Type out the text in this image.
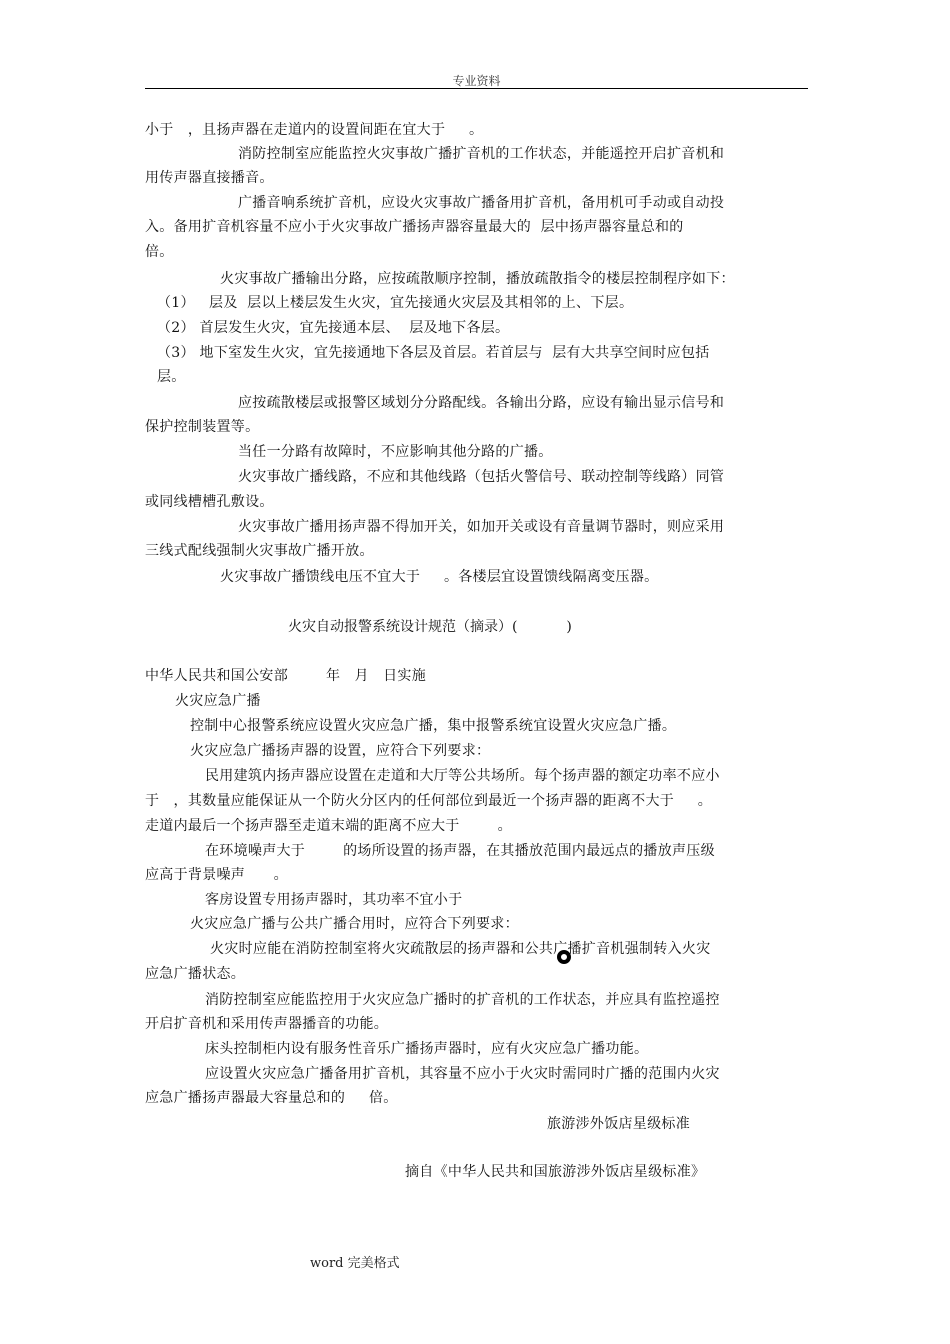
专业资料
小于   ，且扬声器在走道内的设置间距在宜大于     。
消防控制室应能监控火灾事故广播扩音机的工作状态，并能遥控开启扩音机和
用传声器直接播音。
广播音响系统扩音机，应设火灾事故广播备用扩音机，备用机可手动或自动投
入。备用扩音机容量不应小于火灾事故广播扬声器容量最大的  层中扬声器容量总和的
倍。
火灾事故广播输出分路，应按疏散顺序控制，播放疏散指令的楼层控制程序如下：
（1）   层及  层以上楼层发生火灾，宜先接通火灾层及其相邻的上、下层。
（2） 首层发生火灾，宜先接通本层、  层及地下各层。
（3） 地下室发生火灾，宜先接通地下各层及首层。若首层与  层有大共享空间时应包括
层。
应按疏散楼层或报警区域划分分路配线。各输出分路，应设有输出显示信号和
保护控制装置等。
当任一分路有故障时，不应影响其他分路的广播。
火灾事故广播线路，不应和其他线路（包括火警信号、联动控制等线路）同管
或同线槽槽孔敷设。
火灾事故广播用扬声器不得加开关，如加开关或设有音量调节器时，则应采用
三线式配线强制火灾事故广播开放。
火灾事故广播馈线电压不宜大于     。各楼层宜设置馈线隔离变压器。
火灾自动报警系统设计规范（摘录）(           )
中华人民共和国公安部        年   月   日实施
火灾应急广播
控制中心报警系统应设置火灾应急广播，集中报警系统宜设置火灾应急广播。
火灾应急广播扬声器的设置，应符合下列要求：
民用建筑内扬声器应设置在走道和大厅等公共场所。每个扬声器的额定功率不应小
于   ，其数量应能保证从一个防火分区内的任何部位到最近一个扬声器的距离不大于     。
走道内最后一个扬声器至走道末端的距离不应大于        。
在环境噪声大于        的场所设置的扬声器，在其播放范围内最远点的播放声压级
应高于背景噪声      。
客房设置专用扬声器时，其功率不宜小于
火灾应急广播与公共广播合用时，应符合下列要求：
火灾时应能在消防控制室将火灾疏散层的扬声器和公共广播扩音机强制转入火灾
应急广播状态。
消防控制室应能监控用于火灾应急广播时的扩音机的工作状态，并应具有监控遥控
开启扩音机和采用传声器播音的功能。
床头控制柜内设有服务性音乐广播扬声器时，应有火灾应急广播功能。
应设置火灾应急广播备用扩音机，其容量不应小于火灾时需同时广播的范围内火灾
应急广播扬声器最大容量总和的     倍。
旅游涉外饭店星级标准
摘自《中华人民共和国旅游涉外饭店星级标准》
word 完美格式
